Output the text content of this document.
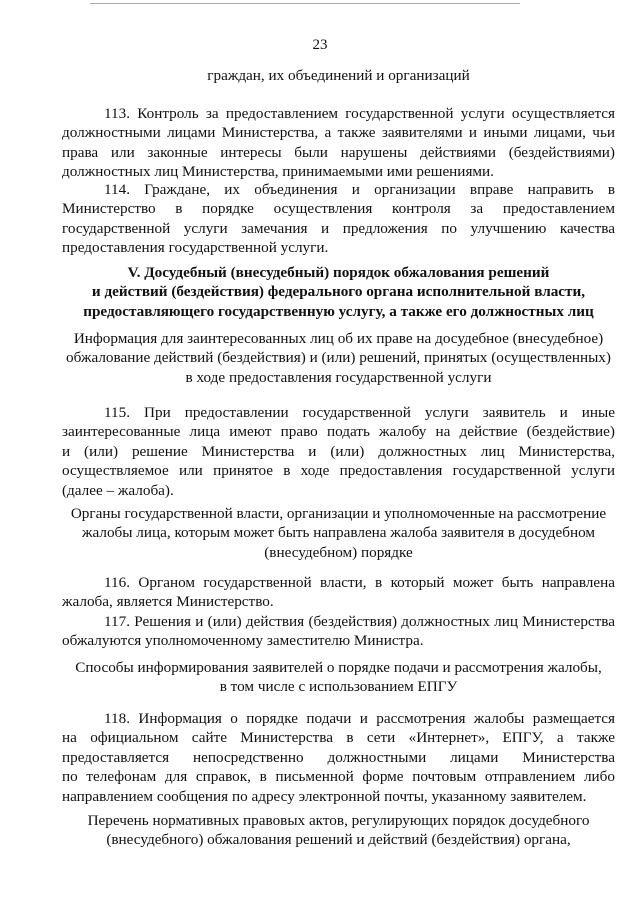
23
граждан, их объединений и организаций
113. Контроль за предоставлением государственной услуги осуществляется
должностными лицами Министерства, а также заявителями и иными лицами, чьи
права или законные интересы были нарушены действиями (бездействиями)
должностных лиц Министерства, принимаемыми ими решениями.
114. Граждане, их объединения и организации вправе направить в
Министерство в порядке осуществления контроля за предоставлением
государственной услуги замечания и предложения по улучшению качества
предоставления государственной услуги.
V. Досудебный (внесудебный) порядок обжалования решений
и действий (бездействия) федерального органа исполнительной власти,
предоставляющего государственную услугу, а также его должностных лиц
Информация для заинтересованных лиц об их праве на досудебное (внесудебное)
обжалование действий (бездействия) и (или) решений, принятых (осуществленных)
в ходе предоставления государственной услуги
115. При предоставлении государственной услуги заявитель и иные
заинтересованные лица имеют право подать жалобу на действие (бездействие)
и (или) решение Министерства и (или) должностных лиц Министерства,
осуществляемое или принятое в ходе предоставления государственной услуги
(далее – жалоба).
Органы государственной власти, организации и уполномоченные на рассмотрение
жалобы лица, которым может быть направлена жалоба заявителя в досудебном
(внесудебном) порядке
116. Органом государственной власти, в который может быть направлена
жалоба, является Министерство.
117. Решения и (или) действия (бездействия) должностных лиц Министерства
обжалуются уполномоченному заместителю Министра.
Способы информирования заявителей о порядке подачи и рассмотрения жалобы,
в том числе с использованием ЕПГУ
118. Информация о порядке подачи и рассмотрения жалобы размещается
на официальном сайте Министерства в сети «Интернет», ЕПГУ, а также
предоставляется непосредственно должностными лицами Министерства
по телефонам для справок, в письменной форме почтовым отправлением либо
направлением сообщения по адресу электронной почты, указанному заявителем.
Перечень нормативных правовых актов, регулирующих порядок досудебного
(внесудебного) обжалования решений и действий (бездействия) органа,
